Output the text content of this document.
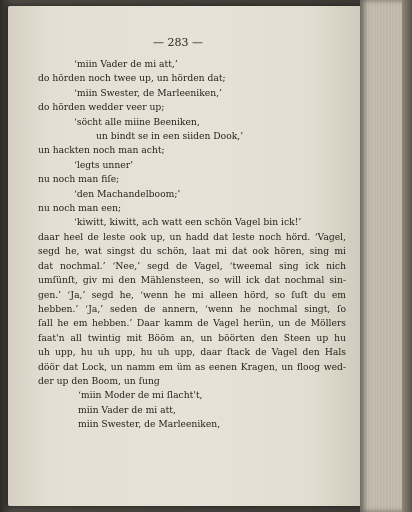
— 283 —
‘miin Vader de mi att,’
do hörden noch twee up, un hörden dat;
‘miin Swester, de Marleeniken,’
do hörden wedder veer up;
‘söcht alle miine Beeniken,
un bindt se in een siiden Dook,’
un hackten noch man acht;
‘legts unner’
nu noch man fiſe;
‘den Machandelboom;’
nu noch man een;
‘kiwitt, kiwitt, ach watt een schön Vagel bin ick!’
daar heel de leste ook up, un hadd dat leste noch hörd. ‘Vagel,
segd he, wat singst du schön, laat mi dat ook hören, sing mi
dat nochmal.’ ‘Nee,’ segd de Vagel, ‘tweemal sing ick nich
umſünſt, giv mi den Mählensteen, so will ick dat nochmal sin-
gen.’ ‘Ja,’ segd he, ‘wenn he mi alleen hörd, so ſuſt du em
hebben.’ ‘Ja,’ seden de annern, ‘wenn he nochmal singt, ſo
ſall he em hebben.’ Daar kamm de Vagel herün, un de Möllers
faat'n all twintig mit Bööm an, un böörten den Steen up hu
uh upp, hu uh upp, hu uh upp, daar ſtack de Vagel den Hals
döör dat Lock, un namm em üm as eenen Kragen, un floog wed-
der up den Boom, un ſung
‘miin Moder de mi ſlacht't,
miin Vader de mi att,
miin Swester, de Marleeniken,
